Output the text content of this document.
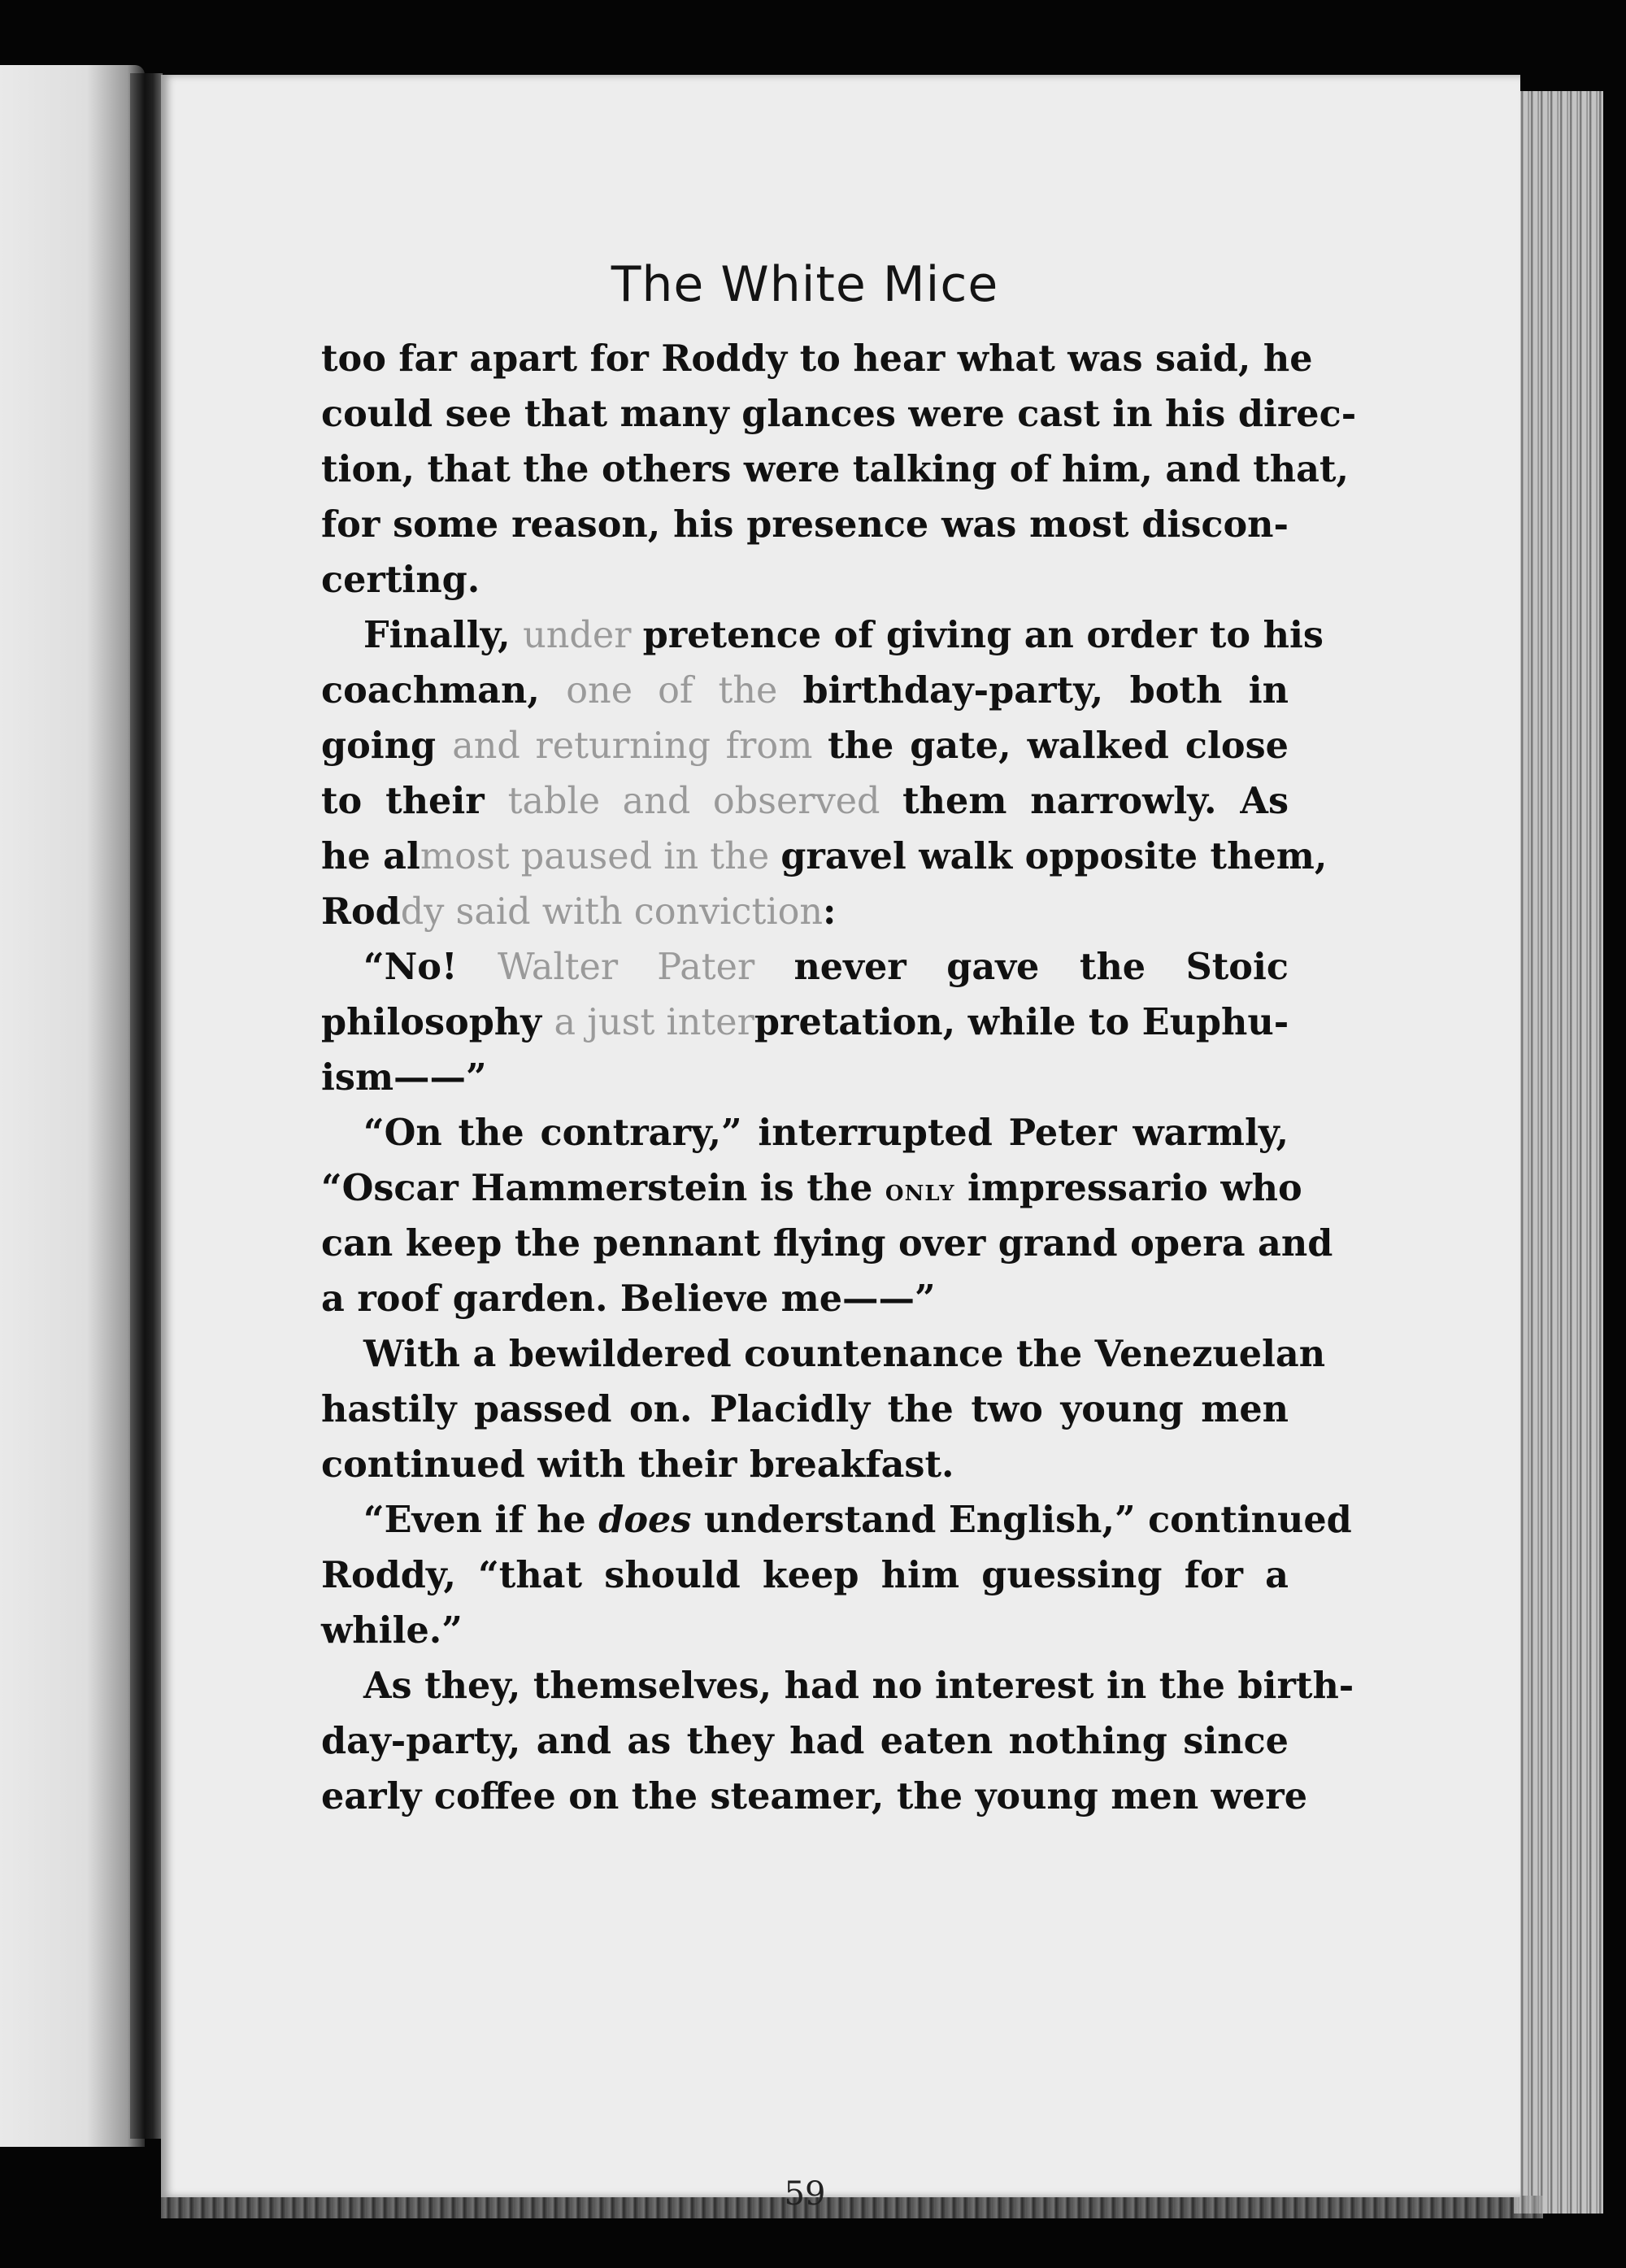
The White Mice
too far apart for Roddy to hear what was said, he
could see that many glances were cast in his direc-
tion, that the others were talking of him, and that,
for some reason, his presence was most discon-
certing.
Finally, under pretence of giving an order to his
coachman, one of the birthday-party, both in
going and returning from the gate, walked close
to their table and observed them narrowly. As
he almost paused in the gravel walk opposite them,
Roddy said with conviction:
“No! Walter Pater never gave the Stoic
philosophy a just interpretation, while to Euphu-
ism——”
“On the contrary,” interrupted Peter warmly,
“Oscar Hammerstein is the only impressario who
can keep the pennant flying over grand opera and
a roof garden. Believe me——”
With a bewildered countenance the Venezuelan
hastily passed on. Placidly the two young men
continued with their breakfast.
“Even if he does understand English,” continued
Roddy, “that should keep him guessing for a
while.”
As they, themselves, had no interest in the birth-
day-party, and as they had eaten nothing since
early coffee on the steamer, the young men were
59
